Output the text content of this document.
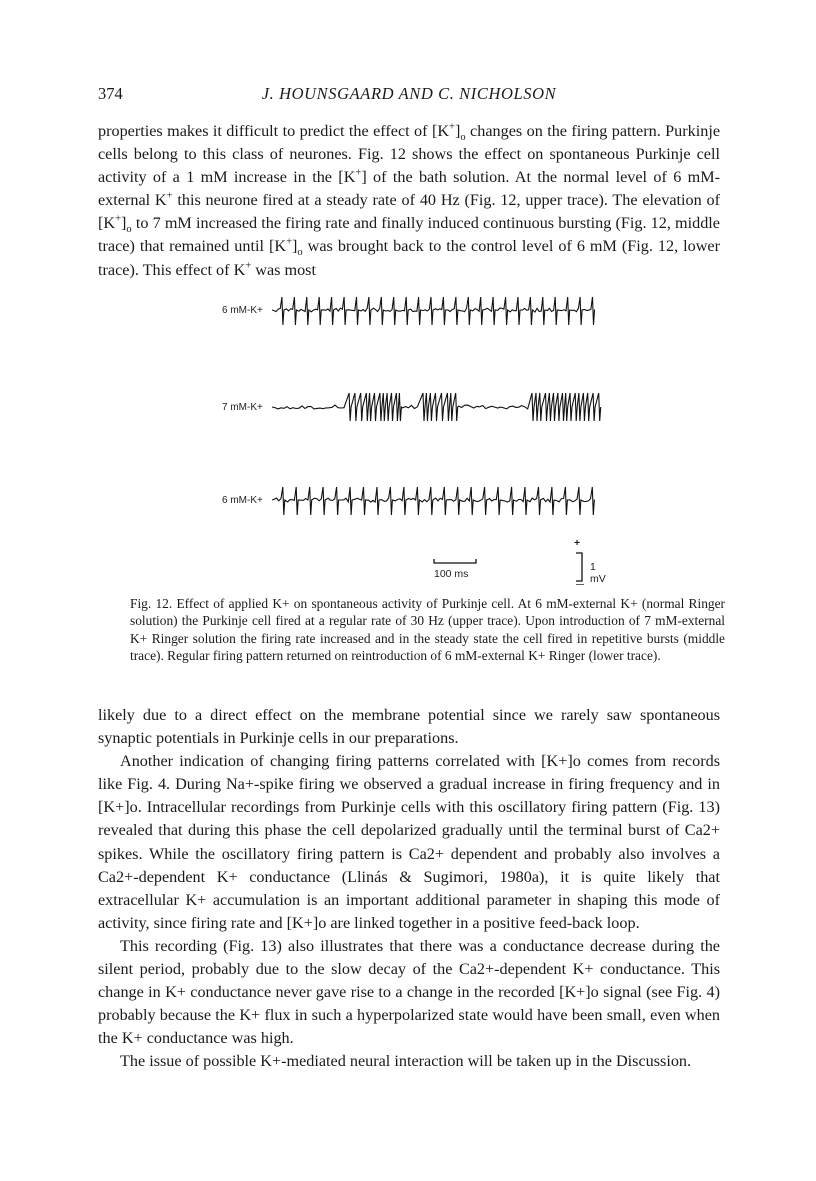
374	J. HOUNSGAARD AND C. NICHOLSON

properties makes it difficult to predict the effect of $[K^+]_o$ changes on the firing pattern. Purkinje cells belong to this class of neurones. Fig. 12 shows the effect on spontaneous Purkinje cell activity of a 1 mM increase in the [K+] of the bath solution. At the normal level of 6 mM-external K+ this neurone fired at a steady rate of 40 Hz (Fig. 12, upper trace). The elevation of $[K^+]_o$ to 7 mM increased the firing rate and finally induced continuous bursting (Fig. 12, middle trace) that remained until $[K^+]_o$ was brought back to the control level of 6 mM (Fig. 12, lower trace). This effect of K+ was most

6 mM-K+
7 mM-K+
6 mM-K+
100 ms
1 mV
+

Fig. 12. Effect of applied K+ on spontaneous activity of Purkinje cell. At 6 mM-external K+ (normal Ringer solution) the Purkinje cell fired at a regular rate of 30 Hz (upper trace). Upon introduction of 7 mM-external K+ Ringer solution the firing rate increased and in the steady state the cell fired in repetitive bursts (middle trace). Regular firing pattern returned on reintroduction of 6 mM-external K+ Ringer (lower trace).

likely due to a direct effect on the membrane potential since we rarely saw spontaneous synaptic potentials in Purkinje cells in our preparations.

Another indication of changing firing patterns correlated with [K+]o comes from records like Fig. 4. During Na+-spike firing we observed a gradual increase in firing frequency and in [K+]o. Intracellular recordings from Purkinje cells with this oscillatory firing pattern (Fig. 13) revealed that during this phase the cell depolarized gradually until the terminal burst of Ca2+ spikes. While the oscillatory firing pattern is Ca2+ dependent and probably also involves a Ca2+-dependent K+ conductance (Llinás & Sugimori, 1980a), it is quite likely that extracellular K+ accumulation is an important additional parameter in shaping this mode of activity, since firing rate and [K+]o are linked together in a positive feed-back loop.

This recording (Fig. 13) also illustrates that there was a conductance decrease during the silent period, probably due to the slow decay of the Ca2+-dependent K+ conductance. This change in K+ conductance never gave rise to a change in the recorded [K+]o signal (see Fig. 4) probably because the K+ flux in such a hyperpolarized state would have been small, even when the K+ conductance was high.

The issue of possible K+-mediated neural interaction will be taken up in the Discussion.
